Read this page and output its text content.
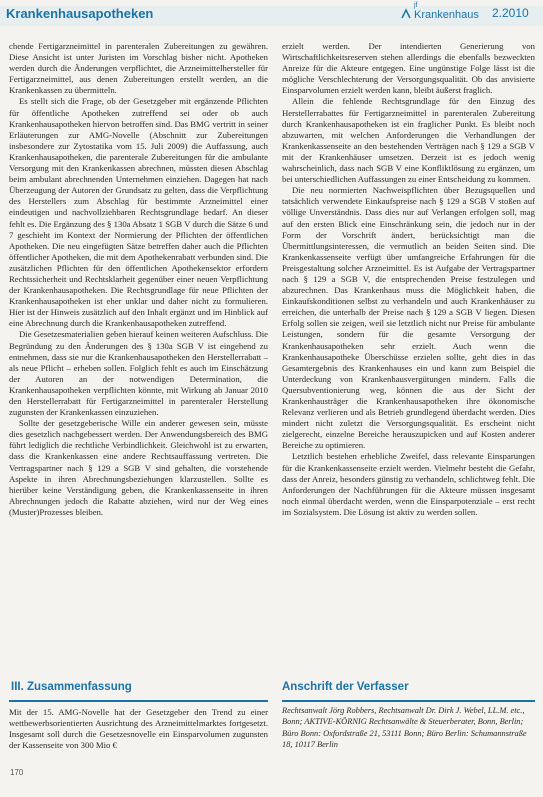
Krankenhausapotheken
jf
Krankenhaus 2.2010

chende Fertigarzneimittel in parenteralen Zubereitungen zu gewähren. Diese Ansicht ist unter Juristen im Vorschlag bisher nicht. Apotheken werden durch die Änderungen verpflichtet, die Arzneimittelhersteller für Fertigarzneimittel, aus denen Zubereitungen erstellt werden, an die Krankenkassen zu übermitteln.

Es stellt sich die Frage, ob der Gesetzgeber mit ergänzende Pflichten für öffentliche Apotheken zutreffend sei oder ob auch Krankenhausapotheken hiervon betroffen sind. Das BMG vertritt in seiner Erläuterungen zur AMG-Novelle (Abschnitt zur Zubereitungen insbesondere zur Zytostatika vom 15. Juli 2009) die Auffassung, auch Krankenhausapotheken, die parenterale Zubereitungen für die ambulante Versorgung mit den Krankenkassen abrechnen, müssten diesen Abschlag beim ambulant abrechnenden Unternehmen einziehen. Dagegen hat nach Überzeugung der Autoren der Grundsatz zu gelten, dass die Verpflichtung des Herstellers zum Abschlag für bestimmte Arzneimittel einer eindeutigen und nachvollziehbaren Rechtsgrundlage bedarf. An dieser fehlt es. Die Ergänzung des § 130a Absatz 1 SGB V durch die Sätze 6 und 7 geschieht im Kontext der Normierung der Pflichten der öffentlichen Apotheken. Die neu eingefügten Sätze betreffen daher auch die Pflichten öffentlicher Apotheken, die mit dem Apothekenrabatt verbunden sind. Die zusätzlichen Pflichten für den öffentlichen Apothekensektor erfordern Rechtssicherheit und Rechtsklarheit gegenüber einer neuen Verpflichtung der Krankenhausapotheken. Die Rechtsgrundlage für neue Pflichten der Krankenhausapotheken ist eher unklar und daher nicht zu formulieren. Hier ist der Hinweis zusätzlich auf den Inhalt ergänzt und im Hinblick auf eine Abrechnung durch die Krankenhausapotheken zutreffend.

Die Gesetzesmaterialien geben hierauf keinen weiteren Aufschluss. Die Begründung zu den Änderungen des § 130a SGB V ist eingehend zu entnehmen, dass sie nur die Krankenhausapotheken den Herstellerrabatt – als neue Pflicht – erheben sollen. Folglich fehlt es auch im Einschätzung der Autoren an der notwendigen Determination, die Krankenhausapotheken verpflichten könnte, mit Wirkung ab Januar 2010 den Herstellerrabatt für Fertigarzneimittel in parenteraler Herstellung zugunsten der Krankenkassen einzuziehen.

Sollte der gesetzgeberische Wille ein anderer gewesen sein, müsste dies gesetzlich nachgebessert werden. Der Anwendungsbereich des BMG führt lediglich die rechtliche Verbindlichkeit. Gleichwohl ist zu erwarten, dass die Krankenkassen eine andere Rechtsauffassung vertreten. Die Vertragspartner nach § 129 a SGB V sind gehalten, die vorstehende Aspekte in ihren Abrechnungsbeziehungen klarzustellen. Sollte es hierüber keine Verständigung geben, die Krankenkassenseite in ihren Abrechnungen jedoch die Rabatte abziehen, wird nur der Weg eines (Muster)Prozesses bleiben.

erzielt werden. Der intendierten Generierung von Wirtschaftlichkeitsreserven stehen allerdings die ebenfalls bezweckten Anreize für die Akteure entgegen. Eine ungünstige Folge lässt ist die mögliche Verschlechterung der Versorgungsqualität. Ob das anvisierte Einsparvolumen erzielt werden kann, bleibt äußerst fraglich.

Allein die fehlende Rechtsgrundlage für den Einzug des Herstellerrabattes für Fertigarzneimittel in parenteralen Zubereitung durch Krankenhausapotheken ist ein fraglicher Punkt. Es bleibt noch abzuwarten, mit welchen Anforderungen die Verhandlungen der Krankenkassenseite an den bestehenden Verträgen nach § 129 a SGB V mit der Krankenhäuser umsetzen. Derzeit ist es jedoch wenig wahrscheinlich, dass nach SGB V eine Konfliktlösung zu ergänzen, um bei unterschiedlichen Auffassungen zu einer Entscheidung zu kommen.

Die neu normierten Nachweispflichten über Bezugsquellen und tatsächlich verwendete Einkaufspreise nach § 129 a SGB V stoßen auf völlige Unverständnis. Dass dies nur auf Verlangen erfolgen soll, mag auf den ersten Blick eine Einschränkung sein, die jedoch nur in der Form der Vorschrift ändert, berücksichtigt man die Übermittlungsinteressen, die vermutlich an beiden Seiten sind. Die Krankenkassenseite verfügt über umfangreiche Erfahrungen für die Preisgestaltung solcher Arzneimittel. Es ist Aufgabe der Vertragspartner nach § 129 a SGB V, die entsprechenden Preise festzulegen und abzurechnen. Das Krankenhaus muss die Möglichkeit haben, die Einkaufskonditionen selbst zu verhandeln und auch Krankenhäuser zu erreichen, die unterhalb der Preise nach § 129 a SGB V liegen. Diesen Erfolg sollen sie zeigen, weil sie letztlich nicht nur Preise für ambulante Leistungen, sondern für die gesamte Versorgung der Krankenhausapotheken sehr erzielt. Auch wenn die Krankenhausapotheke Überschüsse erzielen sollte, geht dies in das Gesamtergebnis des Krankenhauses ein und kann zum Beispiel die Unterdeckung von Krankenhausvergütungen mindern. Falls die Quersubventionierung weg, können die aus der Sicht der Krankenhausträger die Krankenhausapotheken ihre ökonomische Relevanz verlieren und als Betrieb grundlegend überdacht werden. Dies mindert nicht zuletzt die Versorgungsqualität. Es erscheint nicht zielgerecht, einzelne Bereiche herauszupicken und auf Kosten anderer Bereiche zu optimieren.

Letztlich bestehen erhebliche Zweifel, dass relevante Einsparungen für die Krankenkassenseite erzielt werden. Vielmehr besteht die Gefahr, dass der Anreiz, besonders günstig zu verhandeln, schlichtweg fehlt. Die Anforderungen der Nachführungen für die Akteure müssen insgesamt noch einmal überdacht werden, wenn die Einsparpotenziale – erst recht im Sozialsystem. Die Lösung ist aktiv zu werden sollen.

III. Zusammenfassung
Mit der 15. AMG-Novelle hat der Gesetzgeber den Trend zu einer wettbewerbsorientierten Ausrichtung des Arzneimittelmarktes fortgesetzt. Insgesamt soll durch die Gesetzesnovelle ein Einsparvolumen zugunsten der Kassenseite von 300 Mio €
Anschrift der Verfasser
Rechtsanwalt Jörg Robbers, Rechtsanwalt Dr. Dirk J. Webel, LL.M. etc., Bonn; AKTIVE-KÖRNIG Rechtsanwälte & Steuerberater, Bonn, Berlin; Büro Bonn: Oxfordstraße 21, 53111 Bonn; Büro Berlin: Schumannstraße 18, 10117 Berlin
170
